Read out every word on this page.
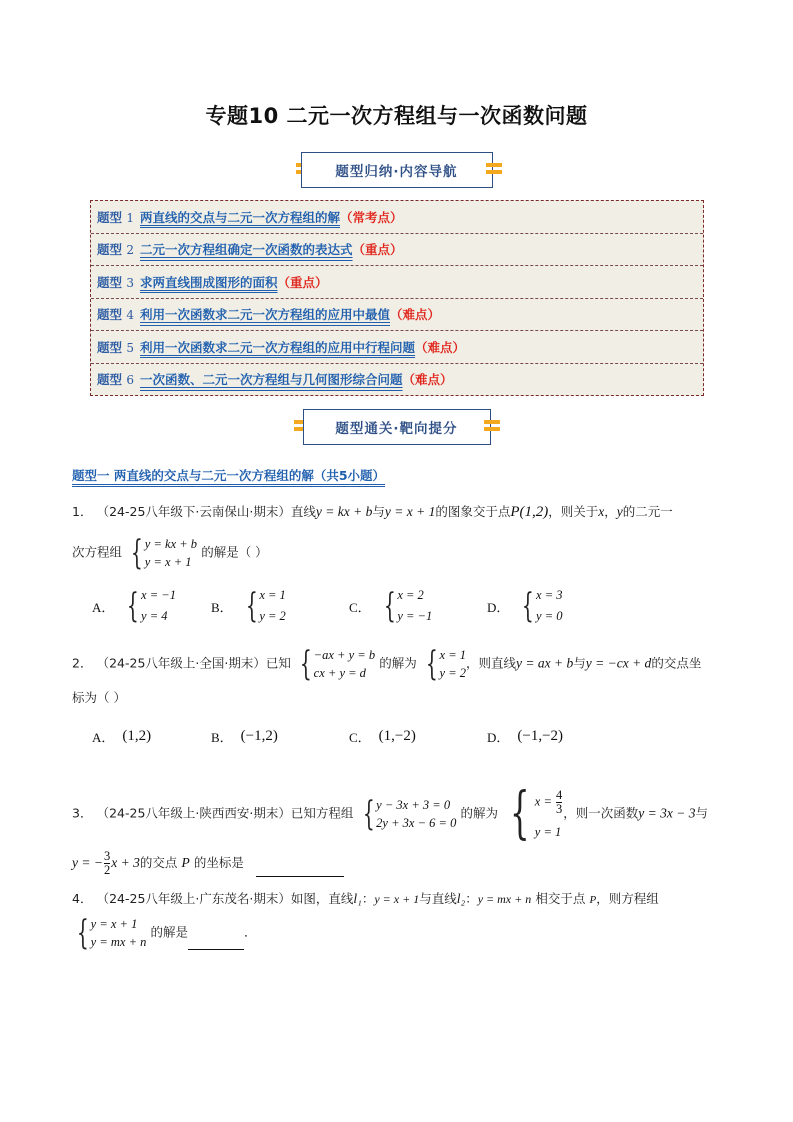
专题10 二元一次方程组与一次函数问题
题型归纳·内容导航
题型 1 两直线的交点与二元一次方程组的解 （常考点）
题型 2 二元一次方程组确定一次函数的表达式 （重点）
题型 3 求两直线围成图形的面积 （重点）
题型 4 利用一次函数求二元一次方程组的应用中最值 （难点）
题型 5 利用一次函数求二元一次方程组的应用中行程问题 （难点）
题型 6 一次函数、二元一次方程组与几何图形综合问题 （难点）
题型通关·靶向提分
题型一 两直线的交点与二元一次方程组的解（共5小题）
1． （24-25八年级下·云南保山·期末）直线y = kx + b与y = x + 1的图象交于点P(1,2)，则关于x，y的二元一
次方程组 { y = kx + b
y = x + 1
的解是（ ）
A． { x = −1
y = 4
B． { x = 1
y = 2
C． { x = 2
y = −1
D． { x = 3
y = 0
2． （24-25八年级上·全国·期末）已知 { −ax + y = b
cx + y = d
的解为 { x = 1
y = 2
，则直线y = ax + b与y = −cx + d的交点坐
标为（ ）
A． (1,2)	B． (−1,2)	C． (1,−2)	D． (−1,−2)
3． （24-25八年级上·陕西西安·期末）已知方程组 { y − 3x + 3 = 0
2y + 3x − 6 = 0
的解为 { $x = \frac{4}{3}$
y = 1
，则一次函数y = 3x − 3与
y = − $\frac{3}{2}$ x + 3的交点 P 的坐标是
4． （24-25八年级上·广东茂名·期末）如图，直线l₁：y = x + 1与直线l₂：y = mx + n 相交于点 P，则方程组
{ y = x + 1
y = mx + n
的解是	．
